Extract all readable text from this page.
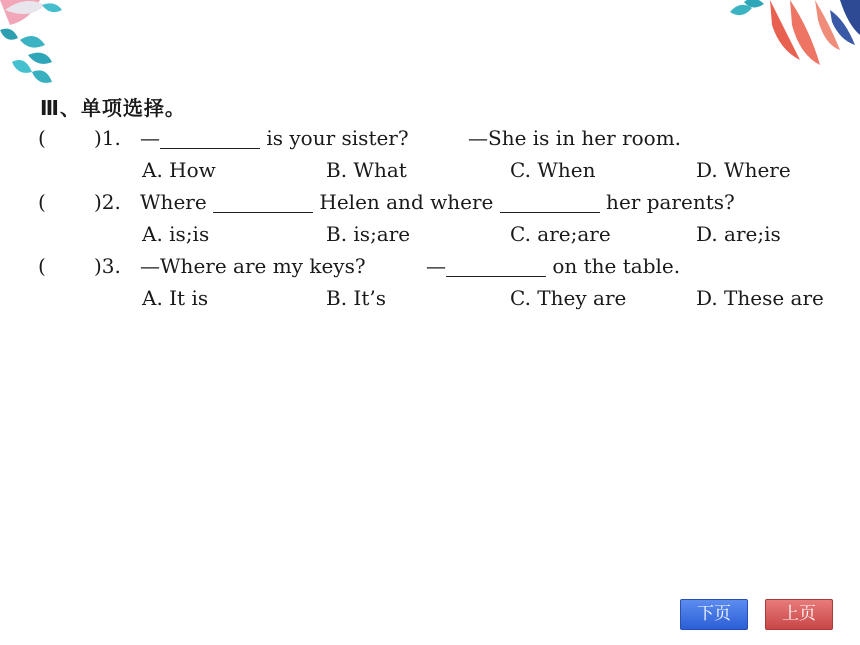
Ⅲ、单项选择。
( )1. —	is your sister?	—She is in her room.
A. How	B. What	C. When	D. Where
( )2. Where	Helen and where	her parents?
A. is;is	B. is;are	C. are;are	D. are;is
( )3. —Where are my keys?	—	on the table.
A. It is	B. It’s	C. They are	D. These are
下页	上页
